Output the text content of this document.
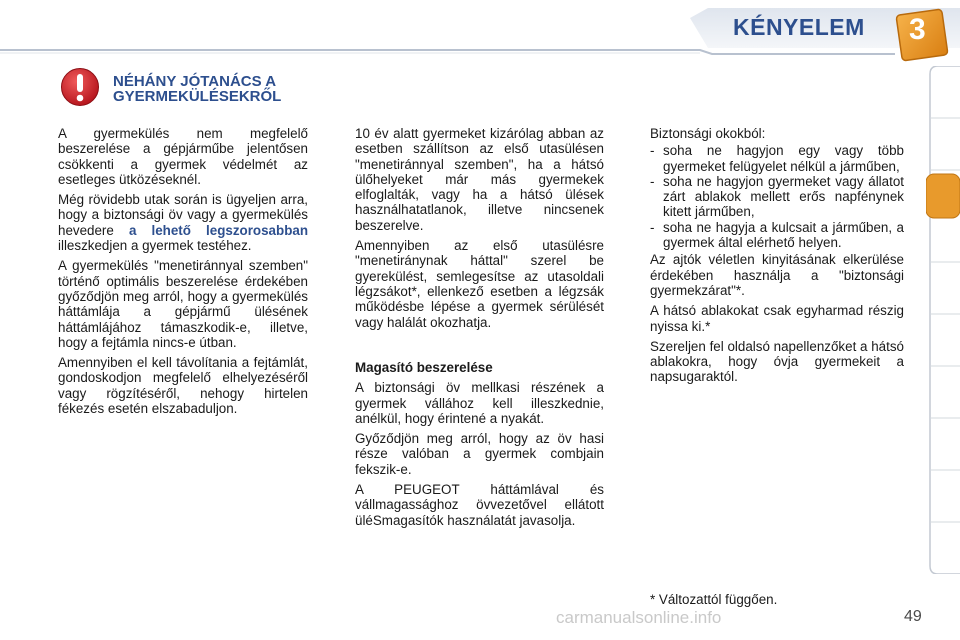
KÉNYELEM 3
NÉHÁNY JÓTANÁCS A
GYERMEKÜLÉSEKRŐL

A gyermekülés nem megfelelő beszerelése a gépjárműbe jelentősen csökkenti a gyermek védelmét az esetleges ütközéseknél.

Még rövidebb utak során is ügyeljen arra, hogy a biztonsági öv vagy a gyermekülés hevedere a lehető legszorosabban illeszkedjen a gyermek testéhez.

A gyermekülés "menetiránnyal szemben" történő optimális beszerelése érdekében győződjön meg arról, hogy a gyermekülés háttámlája a gépjármű ülésének háttámlájához támaszkodik-e, illetve, hogy a fejtámla nincs-e útban.

Amennyiben el kell távolítania a fejtámlát, gondoskodjon megfelelő elhelyezéséről vagy rögzítéséről, nehogy hirtelen fékezés esetén elszabaduljon.

10 év alatt gyermeket kizárólag abban az esetben szállítson az első utasülésen "menetiránnyal szemben", ha a hátsó ülőhelyeket már más gyermekek elfoglalták, vagy ha a hátsó ülések használhatatlanok, illetve nincsenek beszerelve.

Amennyiben az első utasülésre "menetiránynak háttal" szerel be gyerekülést, semlegesítse az utasoldali légzsákot*, ellenkező esetben a légzsák működésbe lépése a gyermek sérülését vagy halálát okozhatja.

Magasító beszerelése

A biztonsági öv mellkasi részének a gyermek vállához kell illeszkednie, anélkül, hogy érintené a nyakát.

Győződjön meg arról, hogy az öv hasi része valóban a gyermek combjain fekszik-e.

A PEUGEOT háttámlával és vállmagassághoz övvezetővel ellátott üléSmagasítók használatát javasolja.

Biztonsági okokból:

- soha ne hagyjon egy vagy több gyermeket felügyelet nélkül a járműben,
- soha ne hagyjon gyermeket vagy állatot zárt ablakok mellett erős napfénynek kitett járműben,
- soha ne hagyja a kulcsait a járműben, a gyermek által elérhető helyen.

Az ajtók véletlen kinyitásának elkerülése érdekében használja a "biztonsági gyermekzárat"*.

A hátsó ablakokat csak egyharmad részig nyissa ki.*

Szereljen fel oldalsó napellenzőket a hátsó ablakokra, hogy óvja gyermekeit a napsugaraktól.

* Változattól függően.
carmanualsonline.info	49
